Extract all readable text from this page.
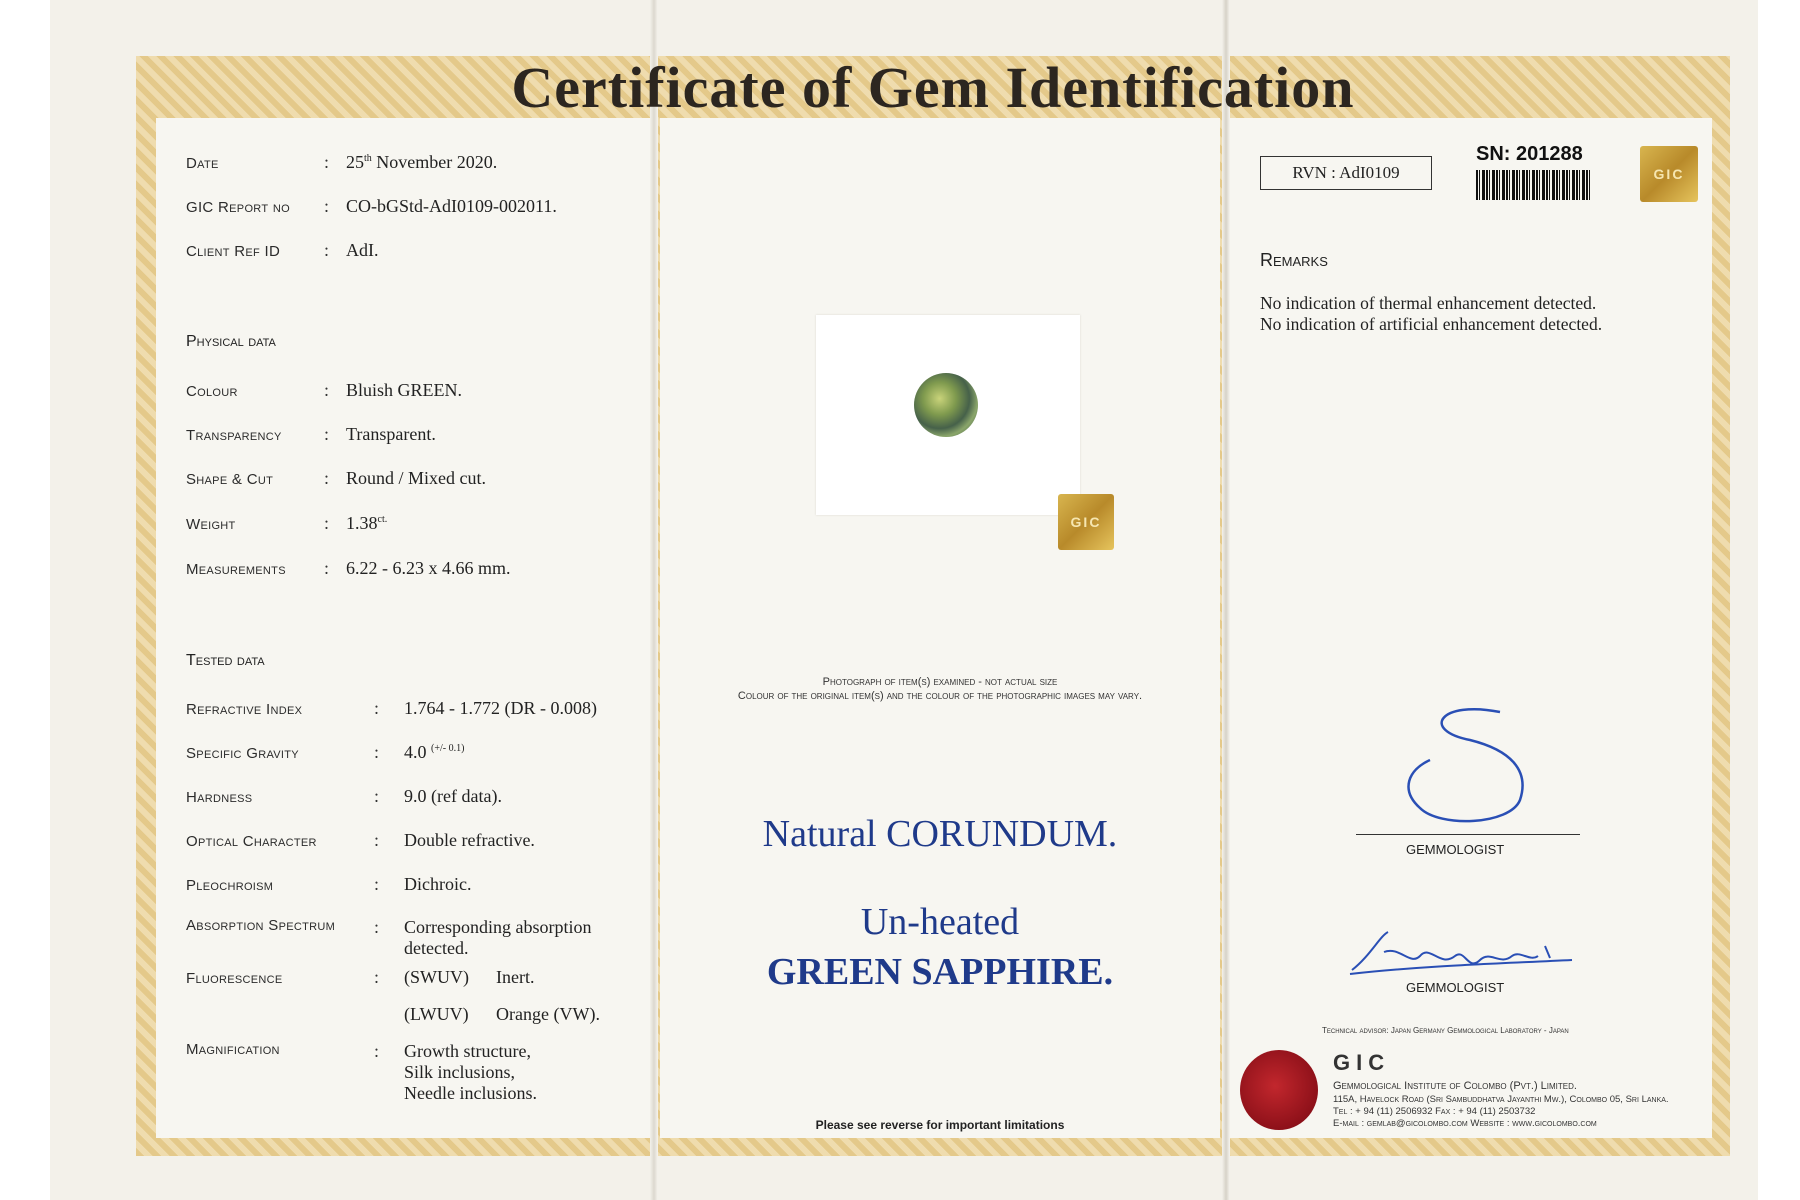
Certificate of Gem Identification
Date	: 25th November 2020.
GIC Report no	: CO-bGStd-AdI0109-002011.
Client Ref ID	: AdI.
Physical data
Colour	: Bluish GREEN.
Transparency	: Transparent.
Shape & Cut	: Round / Mixed cut.
Weight	: $1.38^{ct.}$
Measurements	: 6.22 - 6.23 x 4.66 mm.
Tested data
Refractive Index	:	1.764 - 1.772 (DR - 0.008)
Specific Gravity	:	4.0 $^{(+/- 0.1)}$
Hardness	:	9.0 (ref data).
Optical Character	:	Double refractive.
Pleochroism	:	Dichroic.
Absorption Spectrum	:	Corresponding absorption
detected.
Fluorescence	:	(SWUV)	Inert.
(LWUV)	Orange (VW).
Magnification	:	Growth structure,
Silk inclusions,
Needle inclusions.
GIC
Photograph of item(s) examined - not actual size
Colour of the original item(s) and the colour of the photographic images may vary.
Natural CORUNDUM.
Un-heated
GREEN SAPPHIRE.
Please see reverse for important limitations
RVN : AdI0109
SN: 201288
GIC
Remarks
No indication of thermal enhancement detected.
No indication of artificial enhancement detected.
GEMMOLOGIST
GEMMOLOGIST
Technical advisor: Japan Germany Gemmological Laboratory - Japan
GIC
Gemmological Institute of Colombo (Pvt.) Limited.
115A, Havelock Road (Sri Sambuddhatva Jayanthi Mw.), Colombo 05, Sri Lanka.
Tel : + 94 (11) 2506932 Fax : + 94 (11) 2503732
E-mail : gemlab@gicolombo.com Website : www.gicolombo.com
